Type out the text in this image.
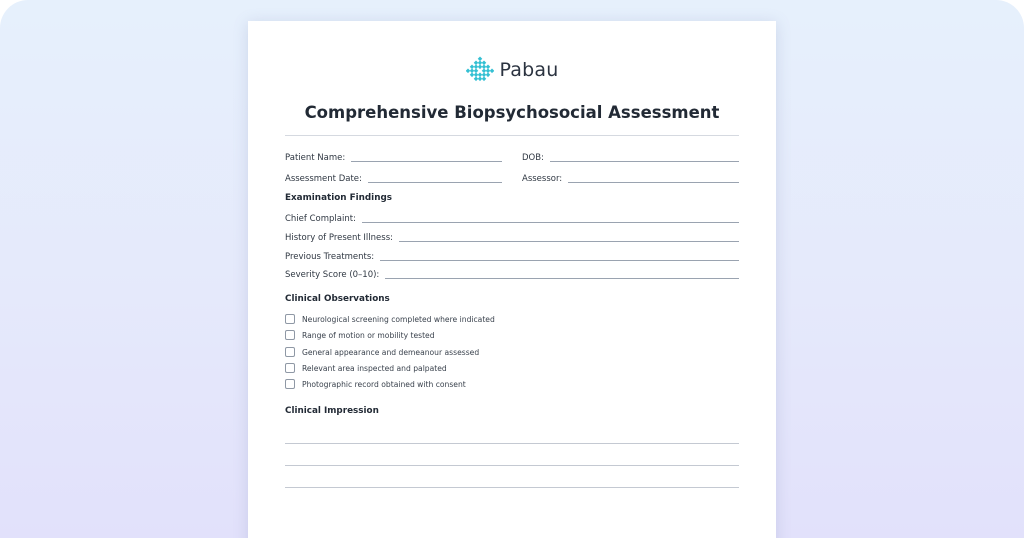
Pabau
Comprehensive Biopsychosocial Assessment
Patient Name:	DOB:
Assessment Date:	Assessor:
Examination Findings
Chief Complaint:
History of Present Illness:
Previous Treatments:
Severity Score (0–10):
Clinical Observations
Neurological screening completed where indicated
Range of motion or mobility tested
General appearance and demeanour assessed
Relevant area inspected and palpated
Photographic record obtained with consent
Clinical Impression
